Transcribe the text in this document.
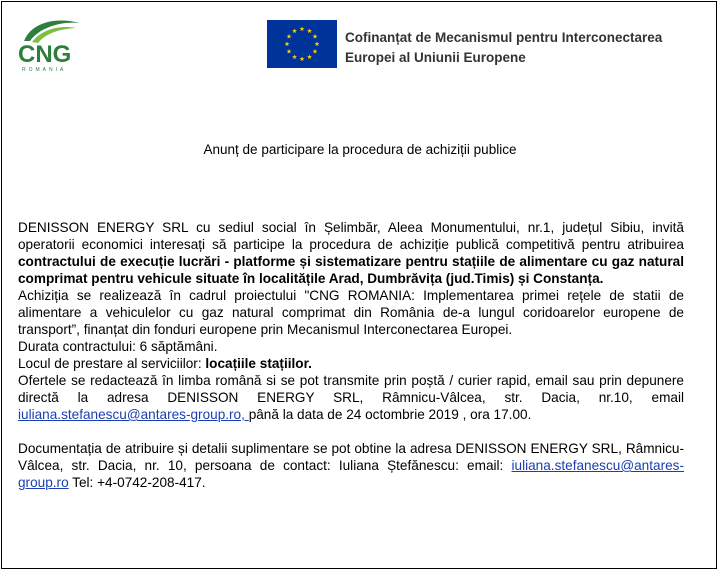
CNG
ROMANIA
Cofinanțat de Mecanismul pentru Interconectarea
Europei al Uniunii Europene
Anunț de participare la procedura de achiziții publice

DENISSON ENERGY SRL cu sediul social în Șelimbăr, Aleea Monumentului, nr.1, județul Sibiu, invită operatorii economici interesați să participe la procedura de achiziție publică competitivă pentru atribuirea contractului de execuție lucrări - platforme și sistematizare pentru stațiile de alimentare cu gaz natural comprimat pentru vehicule situate în localitățile Arad, Dumbrăvița (jud.Timis) și Constanța.

Achiziția se realizează în cadrul proiectului "CNG ROMANIA: Implementarea primei rețele de statii de alimentare a vehiculelor cu gaz natural comprimat din România de-a lungul coridoarelor europene de transport”, finanțat din fonduri europene prin Mecanismul Interconectarea Europei.

Durata contractului: 6 săptămâni.

Locul de prestare al serviciilor: locațiile stațiilor.

Ofertele se redactează în limba română si se pot transmite prin poștă / curier rapid, email sau prin depunere directă la adresa DENISSON ENERGY SRL, Râmnicu-Vâlcea, str. Dacia, nr.10, email iuliana.stefanescu@antares-group.ro, până la data de 24 octombrie 2019 , ora 17.00.

Documentația de atribuire și detalii suplimentare se pot obtine la adresa DENISSON ENERGY SRL, Râmnicu-Vâlcea, str. Dacia, nr. 10, persoana de contact: Iuliana Ștefănescu: email: iuliana.stefanescu@antares-group.ro Tel: +4-0742-208-417.
